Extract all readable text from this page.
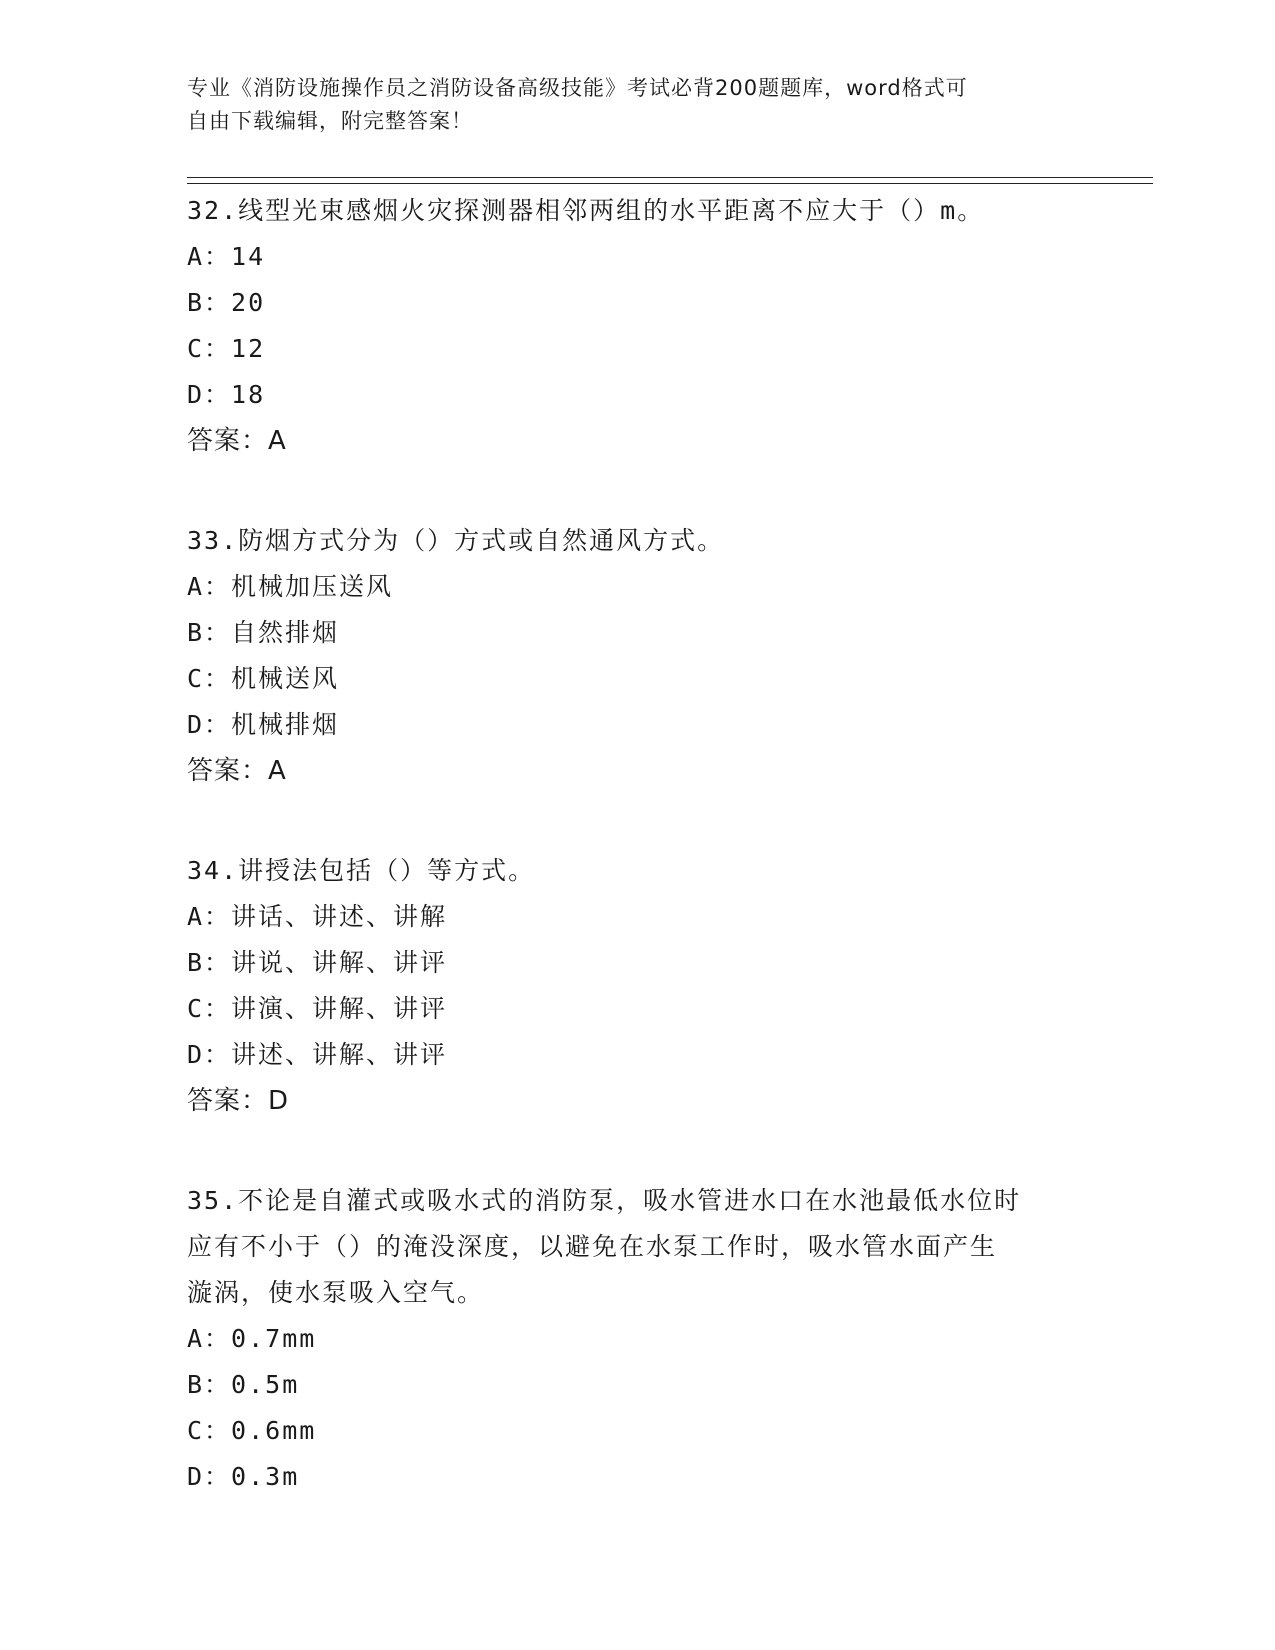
专业《消防设施操作员之消防设备高级技能》考试必背200题题库，word格式可
自由下载编辑，附完整答案！
32.线型光束感烟火灾探测器相邻两组的水平距离不应大于（）m。
A：14
B：20
C：12
D：18
答案：A
33.防烟方式分为（）方式或自然通风方式。
A：机械加压送风
B：自然排烟
C：机械送风
D：机械排烟
答案：A
34.讲授法包括（）等方式。
A：讲话、讲述、讲解
B：讲说、讲解、讲评
C：讲演、讲解、讲评
D：讲述、讲解、讲评
答案：D
35.不论是自灌式或吸水式的消防泵，吸水管进水口在水池最低水位时
应有不小于（）的淹没深度，以避免在水泵工作时，吸水管水面产生
漩涡，使水泵吸入空气。
A：0.7mm
B：0.5m
C：0.6mm
D：0.3m
